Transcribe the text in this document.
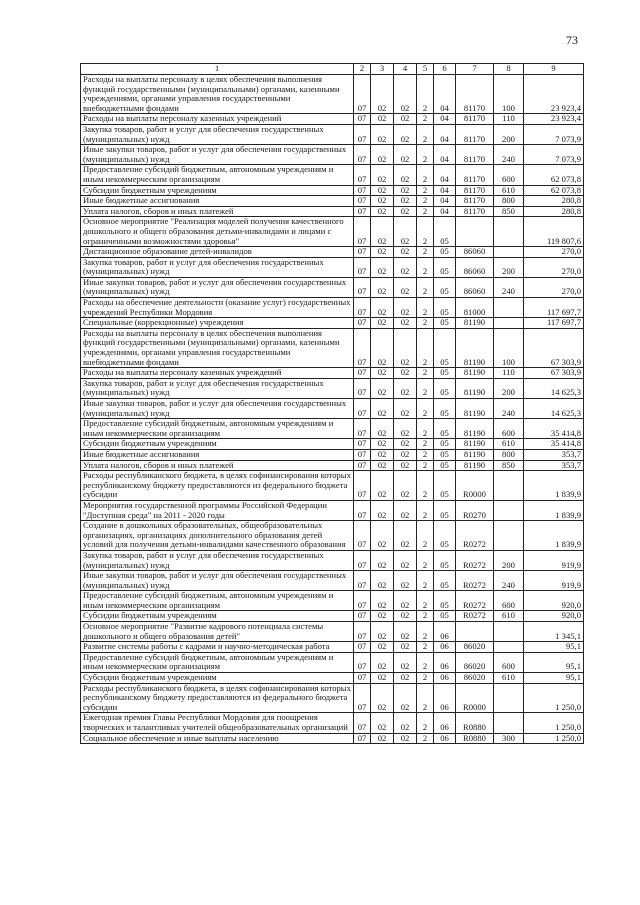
73
1	2	3	4	5	6	7	8	9
Расходы на выплаты персоналу в целях обеспечения выполнения функций государственными (муниципальными) органами, казенными учреждениями, органами управления государственными внебюджетными фондами	07	02	02	2	04	81170	100	23 923,4
Расходы на выплаты персоналу казенных учреждений	07	02	02	2	04	81170	110	23 923,4
Закупка товаров, работ и услуг для обеспечения государственных (муниципальных) нужд	07	02	02	2	04	81170	200	7 073,9
Иные закупки товаров, работ и услуг для обеспечения государственных (муниципальных) нужд	07	02	02	2	04	81170	240	7 073,9
Предоставление субсидий бюджетным, автономным учреждениям и иным некоммерческим организациям	07	02	02	2	04	81170	600	62 073,8
Субсидии бюджетным учреждениям	07	02	02	2	04	81170	610	62 073,8
Иные бюджетные ассигнования	07	02	02	2	04	81170	800	280,8
Уплата налогов, сборов и иных платежей	07	02	02	2	04	81170	850	280,8
Основное мероприятие "Реализация моделей получения качественного дошкольного и общего образования детьми-инвалидами и лицами с ограниченными возможностями здоровья"	07	02	02	2	05			119 807,6
Дистанционное образование детей-инвалидов	07	02	02	2	05	86060		270,0
Закупка товаров, работ и услуг для обеспечения государственных (муниципальных) нужд	07	02	02	2	05	86060	200	270,0
Иные закупки товаров, работ и услуг для обеспечения государственных (муниципальных) нужд	07	02	02	2	05	86060	240	270,0
Расходы на обеспечение деятельности (оказание услуг) государственных учреждений Республики Мордовия	07	02	02	2	05	81000		117 697,7
Специальные (коррекционные) учреждения	07	02	02	2	05	81190		117 697,7
Расходы на выплаты персоналу в целях обеспечения выполнения функций государственными (муниципальными) органами, казенными учреждениями, органами управления государственными внебюджетными фондами	07	02	02	2	05	81190	100	67 303,9
Расходы на выплаты персоналу казенных учреждений	07	02	02	2	05	81190	110	67 303,9
Закупка товаров, работ и услуг для обеспечения государственных (муниципальных) нужд	07	02	02	2	05	81190	200	14 625,3
Иные закупки товаров, работ и услуг для обеспечения государственных (муниципальных) нужд	07	02	02	2	05	81190	240	14 625,3
Предоставление субсидий бюджетным, автономным учреждениям и иным некоммерческим организациям	07	02	02	2	05	81190	600	35 414,8
Субсидии бюджетным учреждениям	07	02	02	2	05	81190	610	35 414,8
Иные бюджетные ассигнования	07	02	02	2	05	81190	800	353,7
Уплата налогов, сборов и иных платежей	07	02	02	2	05	81190	850	353,7
Расходы республиканского бюджета, в целях софинансирования которых республиканскому бюджету предоставляются из федерального бюджета субсидии	07	02	02	2	05	R0000		1 839,9
Мероприятия государственной программы Российской Федерации "Доступная среда" на 2011 - 2020 годы	07	02	02	2	05	R0270		1 839,9
Создание в дошкольных образовательных, общеобразовательных организациях, организациях дополнительного образования детей условий для получения детьми-инвалидами качественного образования	07	02	02	2	05	R0272		1 839,9
Закупка товаров, работ и услуг для обеспечения государственных (муниципальных) нужд	07	02	02	2	05	R0272	200	919,9
Иные закупки товаров, работ и услуг для обеспечения государственных (муниципальных) нужд	07	02	02	2	05	R0272	240	919,9
Предоставление субсидий бюджетным, автономным учреждениям и иным некоммерческим организациям	07	02	02	2	05	R0272	600	920,0
Субсидии бюджетным учреждениям	07	02	02	2	05	R0272	610	920,0
Основное мероприятие "Развитие кадрового потенциала системы дошкольного и общего образования детей"	07	02	02	2	06			1 345,1
Развитие системы работы с кадрами и научно-методическая работа	07	02	02	2	06	86020		95,1
Предоставление субсидий бюджетным, автономным учреждениям и иным некоммерческим организациям	07	02	02	2	06	86020	600	95,1
Субсидии бюджетным учреждениям	07	02	02	2	06	86020	610	95,1
Расходы республиканского бюджета, в целях софинансирования которых республиканскому бюджету предоставляются из федерального бюджета субсидии	07	02	02	2	06	R0000		1 250,0
Ежегодная премия Главы Республики Мордовия для поощрения творческих и талантливых учителей общеобразовательных организаций	07	02	02	2	06	R0880		1 250,0
Социальное обеспечение и иные выплаты населению	07	02	02	2	06	R0880	300	1 250,0
